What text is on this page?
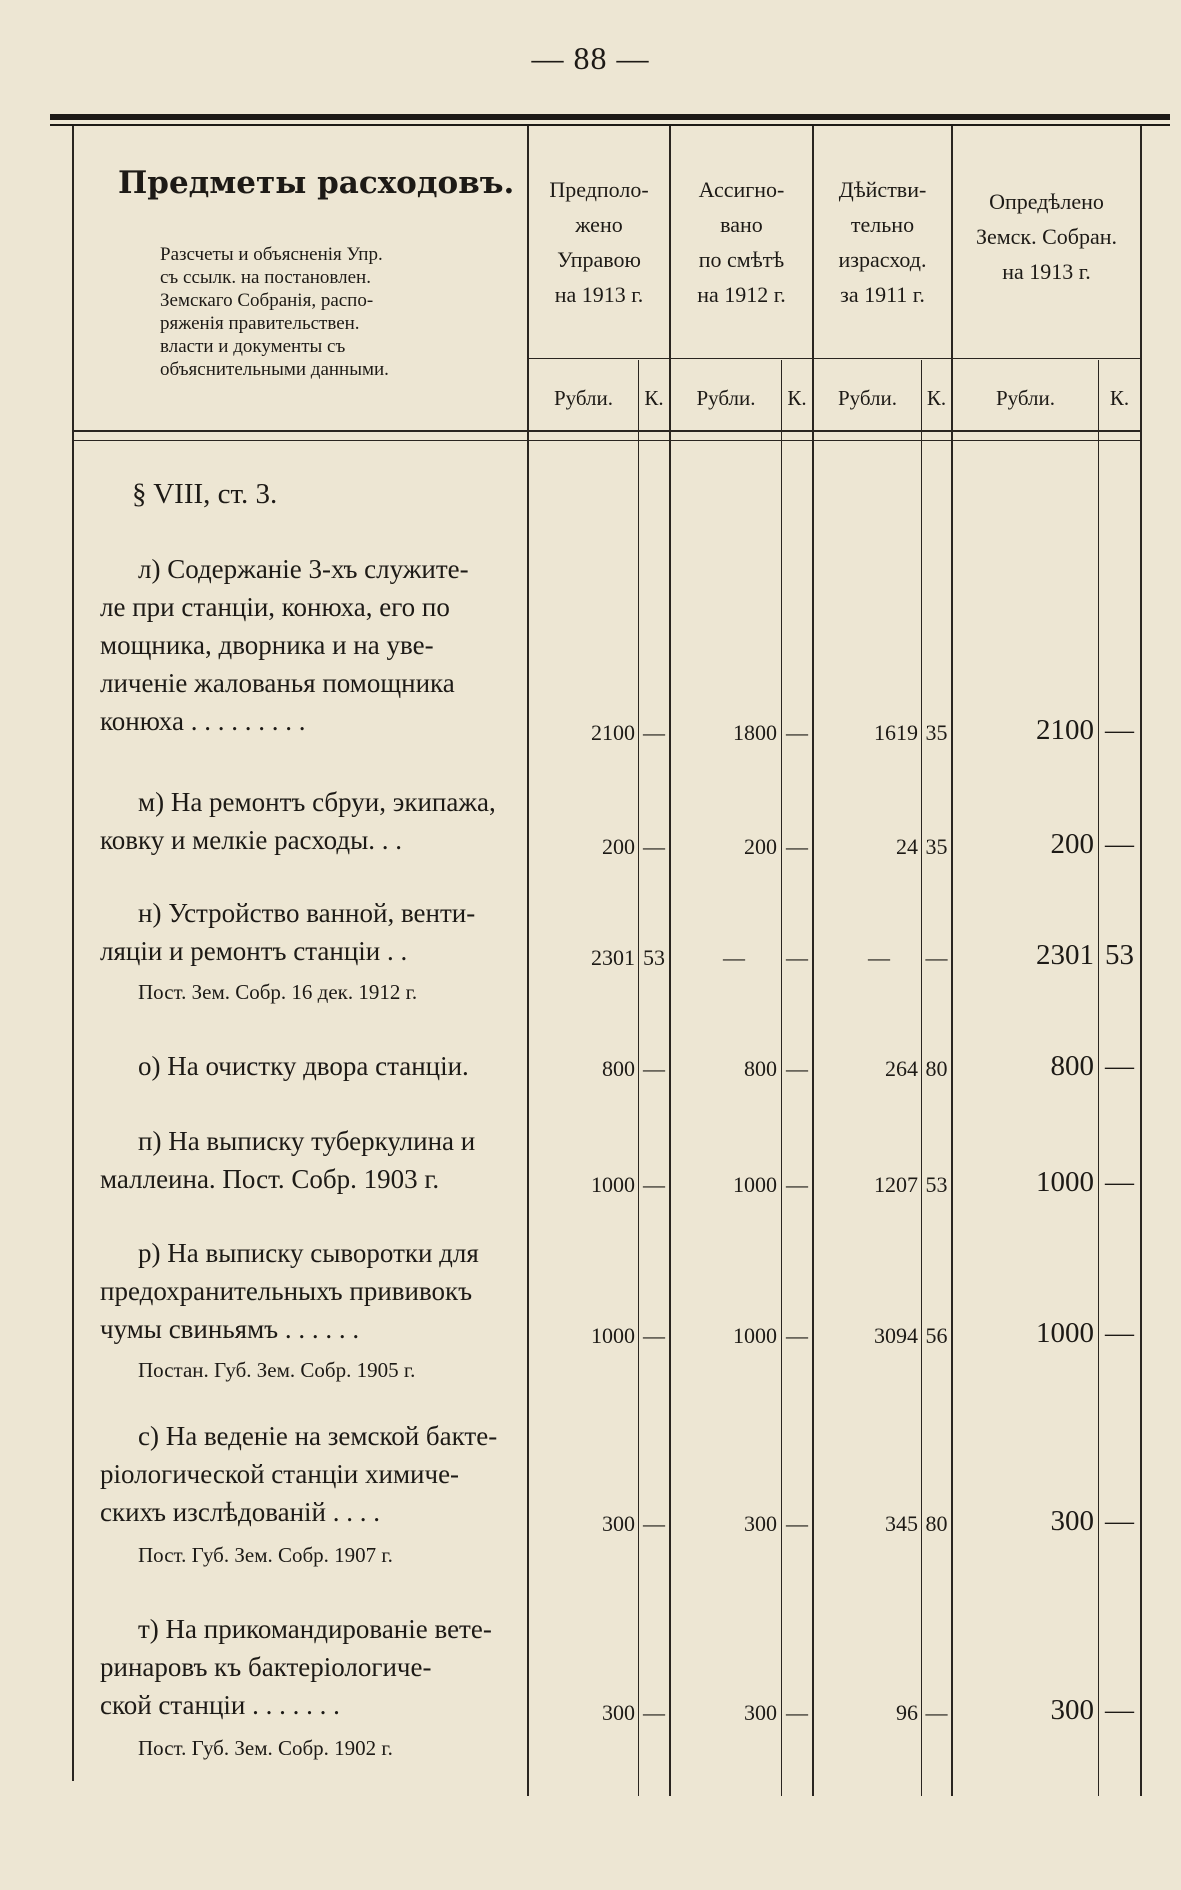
— 88 —
Предметы расходовъ.
Разсчеты и объясненія Упр.
съ ссылк. на постановлен.
Земскаго Собранія, распо-
ряженія правительствен.
власти и документы съ
объяснительными данными.
Предполо-
жено
Управою
на 1913 г.
Ассигно-
вано
по смѣтѣ
на 1912 г.
Дѣйстви-
тельно
израсход.
за 1911 г.
Опредѣлено
Земск. Собран.
на 1913 г.
Рубли.	К.	Рубли.	К.	Рубли.	К.	Рубли.	К.
§ VIII, ст. 3.
л) Содержаніе 3-хъ служите-
ле при станціи, конюха, его по
мощника, дворника и на уве-
личеніе жалованья помощника
конюха . . . . . . . . .	2100 —	1800 —	1619 35	2100 —
м) На ремонтъ сбруи, экипажа,
ковку и мелкіе расходы. . .	200 —	200 —	24 35	200 —
н) Устройство ванной, венти-
ляціи и ремонтъ станціи . .
Пост. Зем. Собр. 16 дек. 1912 г.
2301 53	— —	— —	2301 53
о) На очистку двора станціи.	800 —	800 —	264 80	800 —
п) На выписку туберкулина и
маллеина. Пост. Собр. 1903 г.	1000 —	1000 —	1207 53	1000 —
р) На выписку сыворотки для
предохранительныхъ прививокъ
чумы свиньямъ . . . . . .
Постан. Губ. Зем. Собр. 1905 г.
1000 —	1000 —	3094 56	1000 —
с) На веденіе на земской бакте-
ріологической станціи химиче-
скихъ изслѣдованій . . . .
Пост. Губ. Зем. Собр. 1907 г.
300 —	300 —	345 80	300 —
т) На прикомандированіе вете-
ринаровъ къ бактеріологиче-
ской станціи . . . . . . .
Пост. Губ. Зем. Собр. 1902 г.
300 —	300 —	96 —	300 —
